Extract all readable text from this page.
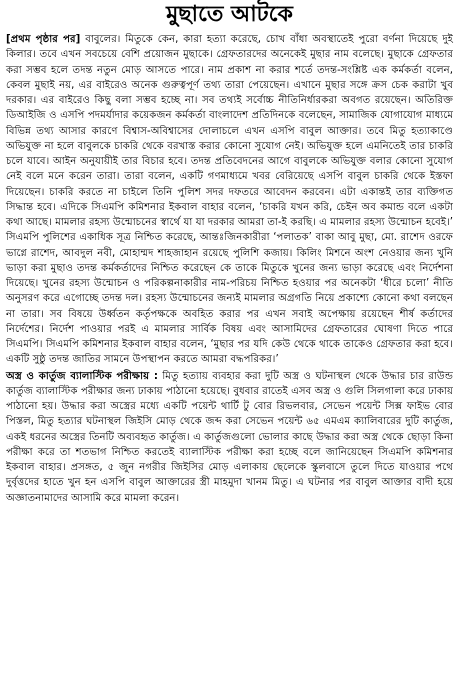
মুছাতে আটকে

[প্রথম পৃষ্ঠার পর] বাবুলের। মিতুকে কেন, কারা হত্যা করেছে, চোখ বাঁধা অবস্থাতেই পুরো বর্ণনা দিয়েছে দুই কিলার। তবে এখন সবচেয়ে বেশি প্রয়োজন মুছাকে। গ্রেফতারদের অনেকেই মুছার নাম বলেছে। মুছাকে গ্রেফতার করা সম্ভব হলে তদন্ত নতুন মোড় আসতে পারে। নাম প্রকাশ না করার শর্তে তদন্ত-সংশ্লিষ্ট এক কর্মকর্তা বলেন, কেবল মুছাই নয়, এর বাইরেও অনেক গুরুত্বপূর্ণ তথ্য তারা পেয়েছেন। এখানে মুছার সঙ্গে ক্রস চেক করাটা খুব দরকার। এর বাইরেও কিছু বলা সম্ভব হচ্ছে না। সব তথ্যই সর্বোচ্চ নীতিনির্ধারকরা অবগত রয়েছেন। অতিরিক্ত ডিআইজি ও এসপি পদমর্যাদার কয়েকজন কর্মকর্তা বাংলাদেশ প্রতিদিনকে বলেছেন, সামাজিক যোগাযোগ মাধ্যমে বিভিন্ন তথ্য আসার কারণে বিশ্বাস-অবিশ্বাসের দোলাচলে এখন এসপি বাবুল আক্তার। তবে মিতু হত্যাকাণ্ডে অভিযুক্ত না হলে বাবুলকে চাকরি থেকে বরখাস্ত করার কোনো সুযোগ নেই। অভিযুক্ত হলে এমনিতেই তার চাকরি চলে যাবে। আইন অনুযায়ীই তার বিচার হবে। তদন্ত প্রতিবেদনের আগে বাবুলকে অভিযুক্ত বলার কোনো সুযোগ নেই বলে মনে করেন তারা। তারা বলেন, একটি গণমাধ্যমে খবর বেরিয়েছে এসপি বাবুল চাকরি থেকে ইস্তফা দিয়েছেন। চাকরি করতে না চাইলে তিনি পুলিশ সদর দফতরে আবেদন করবেন। এটা একান্তই তার ব্যক্তিগত সিদ্ধান্ত হবে। এদিকে সিএমপি কমিশনার ইকবাল বাহার বলেন, ‘চাকরি যখন করি, চেইন অব কমান্ড বলে একটা কথা আছে। মামলার রহস্য উন্মোচনের স্বার্থে যা যা দরকার আমরা তা-ই করছি। এ মামলার রহস্য উন্মোচন হবেই।’ সিএমপি পুলিশের একাধিক সূত্র নিশ্চিত করেছে, আন্তঃজিনকারীরা ‘পলাতক’ বাকা আবু মুছা, মো. রাশেদ ওরফে ভাগ্নে রাশেদ, আবদুল নবী, মোহাম্মদ শাহজাহান রয়েছে পুলিশি কজায়। কিলিং মিশনে অংশ নেওয়ার জন্য খুনি ভাড়া করা মুছাও তদন্ত কর্মকর্তাদের নিশ্চিত করেছেন কে তাকে মিতুকে খুনের জন্য ভাড়া করেছে এবং নির্দেশনা দিয়েছে। খুনের রহস্য উন্মোচন ও পরিকল্পনাকারীর নাম-পরিচয় নিশ্চিত হওয়ার পর অনেকটা ‘ধীরে চলো’ নীতি অনুসরণ করে এগোচ্ছে তদন্ত দল। রহস্য উন্মোচনের জন্যই মামলার অগ্রগতি নিয়ে প্রকাশ্যে কোনো কথা বলছেন না তারা। সব বিষয়ে উর্ধ্বতন কর্তৃপক্ষকে অবহিত করার পর এখন সবাই অপেক্ষায় রয়েছেন শীর্ষ কর্তাদের নির্দেশের। নির্দেশ পাওয়ার পরই এ মামলার সার্বিক বিষয় এবং আসামিদের গ্রেফতারের ঘোষণা দিতে পারে সিএমপি। সিএমপি কমিশনার ইকবাল বাহার বলেন, ‘মুছার পর যদি কেউ থেকে থাকে তাকেও গ্রেফতার করা হবে। একটি সুষ্ঠু তদন্ত জাতির সামনে উপস্থাপন করতে আমরা বদ্ধপরিকর।’

অস্ত্র ও কার্তুজ ব্যালাস্টিক পরীক্ষায় : মিতু হত্যায় ব্যবহার করা দুটি অস্ত্র ও ঘটনাস্থল থেকে উদ্ধার চার রাউন্ড কার্তুজ ব্যালাস্টিক পরীক্ষার জন্য ঢাকায় পাঠানো হয়েছে। বুধবার রাতেই এসব অস্ত্র ও গুলি সিলগালা করে ঢাকায় পাঠানো হয়। উদ্ধার করা অস্ত্রের মধ্যে একটি পয়েন্ট থার্টি টু বোর রিভলবার, সেভেন পয়েন্ট সিক্স ফাইভ বোর পিস্তল, মিতু হত্যার ঘটনাস্থল জিইসি মোড় থেকে জব্দ করা সেভেন পয়েন্ট ৬৫ এমএম ক্যালিবারের দুটি কার্তুজ, একই ধরনের অস্ত্রের তিনটি অব্যবহৃত কার্তুজ। এ কার্তুজগুলো ভোলার কাছে উদ্ধার করা অস্ত্র থেকে ছোড়া কিনা পরীক্ষা করে তা শতভাগ নিশ্চিত করতেই ব্যালাস্টিক পরীক্ষা করা হচ্ছে বলে জানিয়েছেন সিএমপি কমিশনার ইকবাল বাহার। প্রসঙ্গত, ৫ জুন নগরীর জিইসির মোড় এলাকায় ছেলেকে স্কুলবাসে তুলে দিতে যাওয়ার পথে দুর্বৃত্তদের হাতে খুন হন এসপি বাবুল আক্তারের স্ত্রী মাহমুদা খানম মিতু। এ ঘটনার পর বাবুল আক্তার বাদী হয়ে অজ্ঞাতনামাদের আসামি করে মামলা করেন।
